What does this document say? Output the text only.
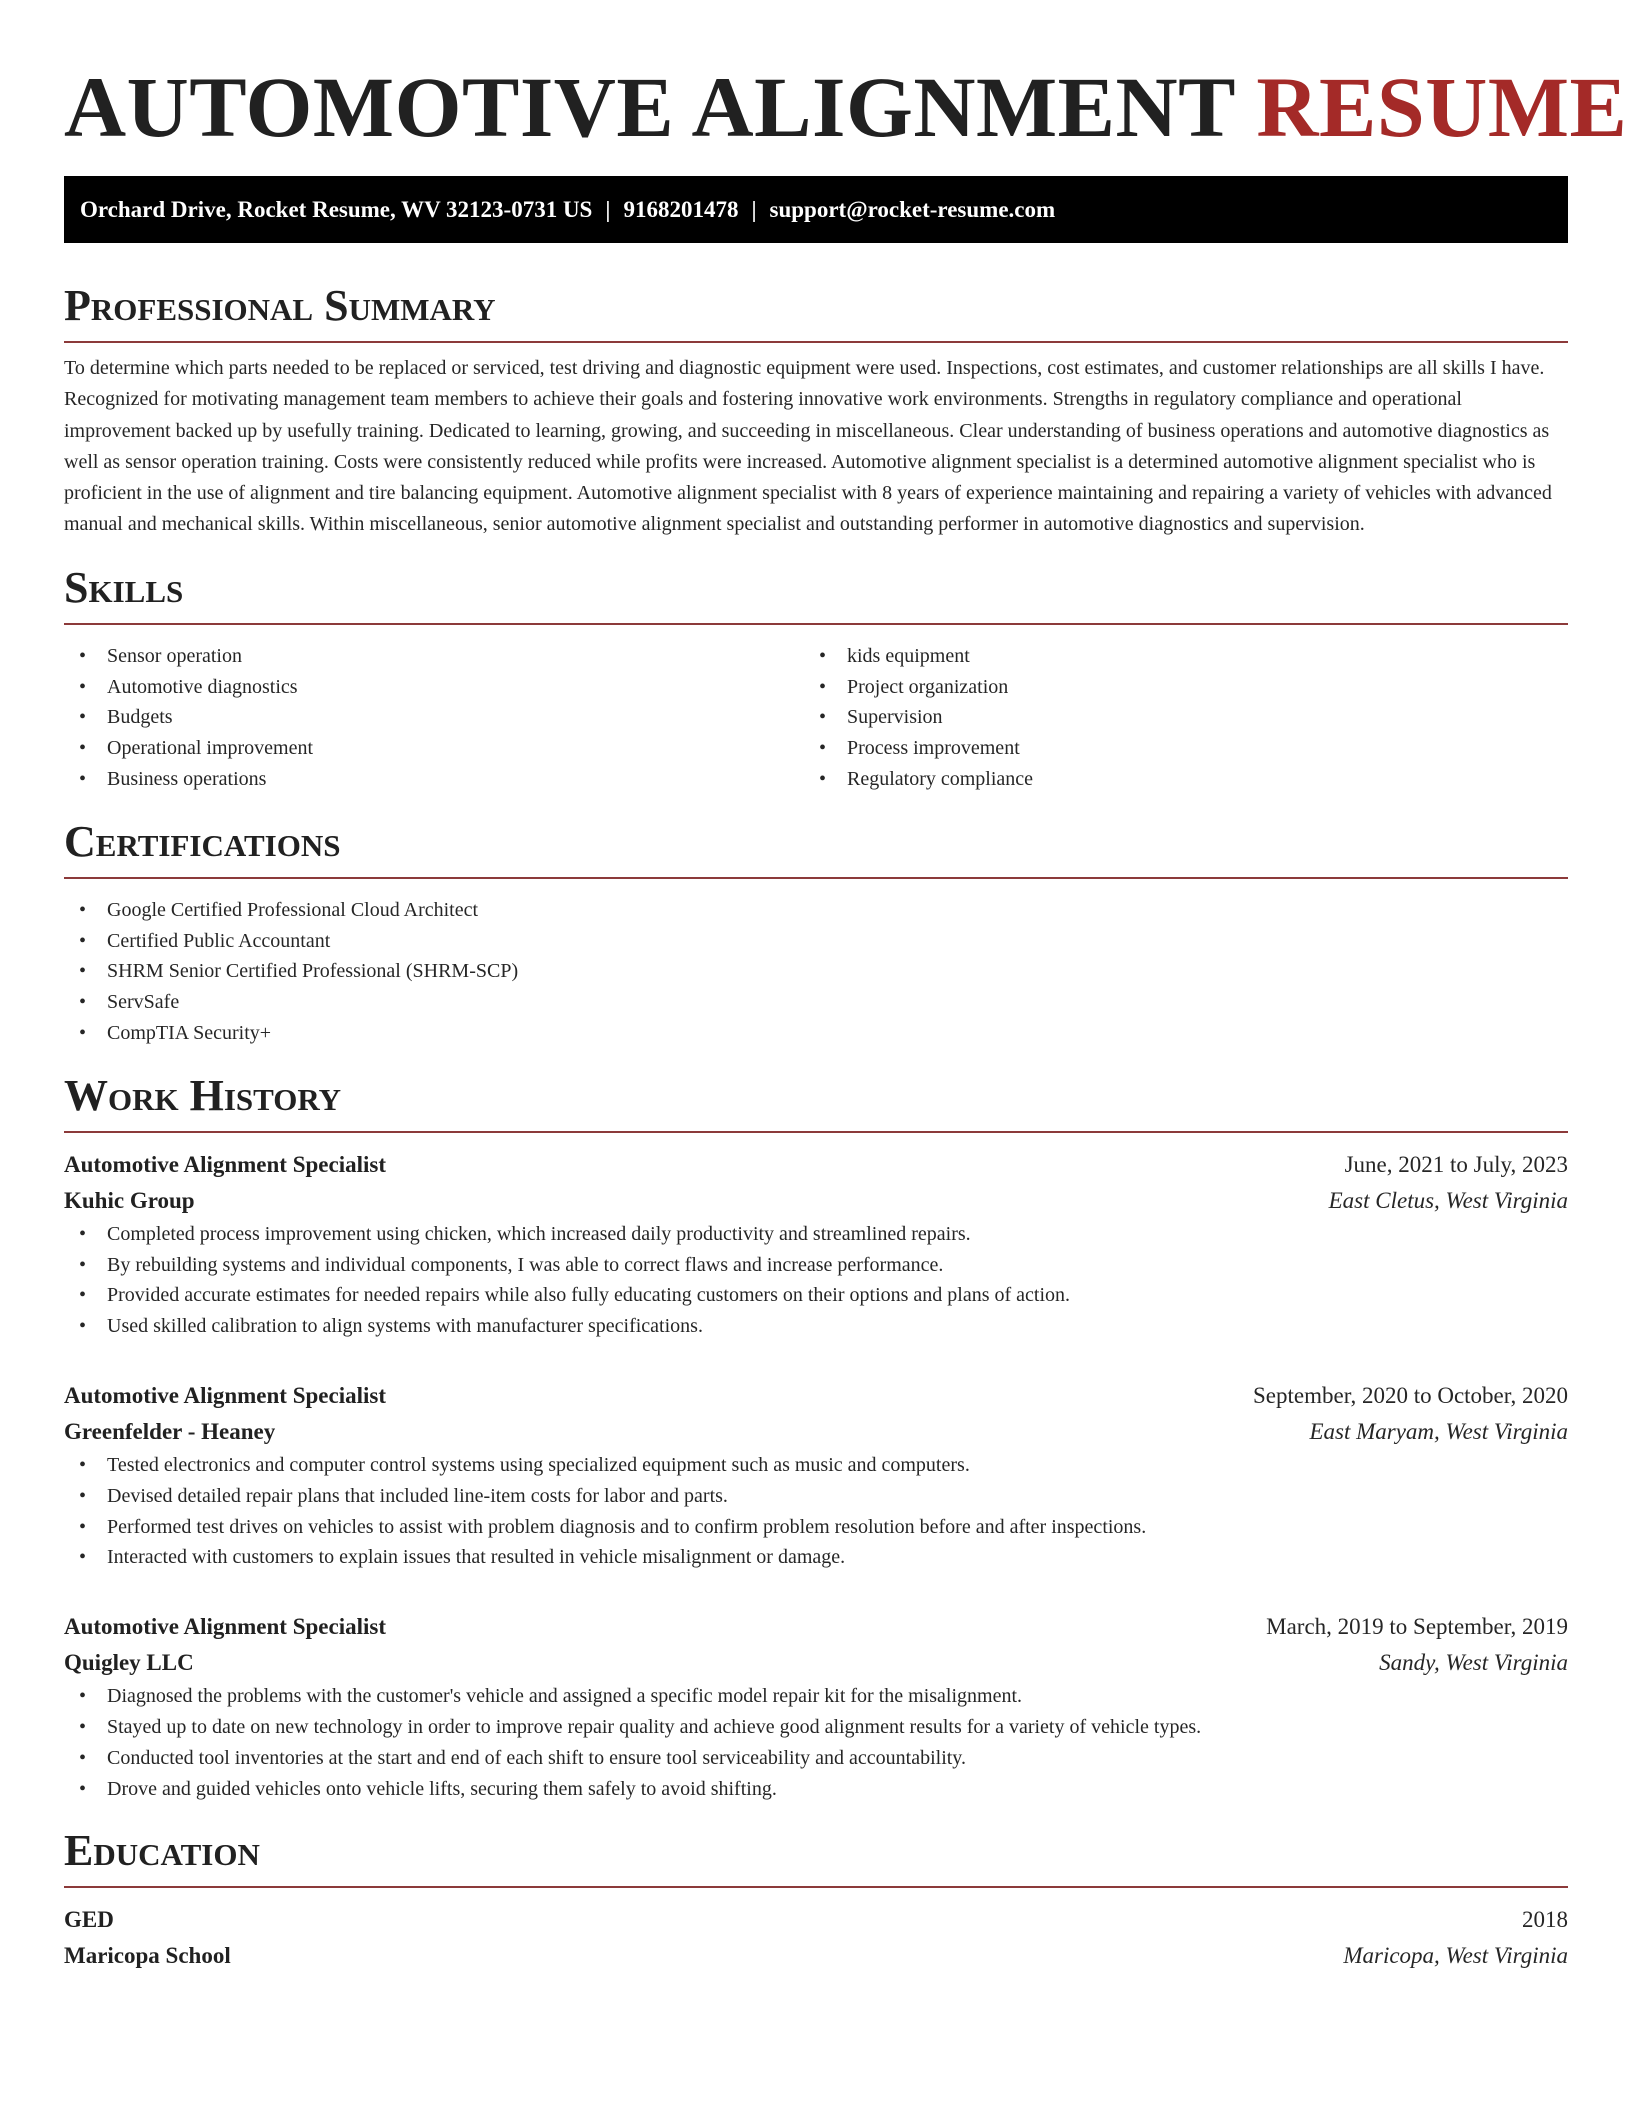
AUTOMOTIVE ALIGNMENT RESUME
Orchard Drive, Rocket Resume, WV 32123-0731 US | 9168201478 | support@rocket-resume.com
Professional Summary

To determine which parts needed to be replaced or serviced, test driving and diagnostic equipment were used. Inspections, cost estimates, and customer relationships are all skills I have. Recognized for motivating management team members to achieve their goals and fostering innovative work environments. Strengths in regulatory compliance and operational improvement backed up by usefully training. Dedicated to learning, growing, and succeeding in miscellaneous. Clear understanding of business operations and automotive diagnostics as well as sensor operation training. Costs were consistently reduced while profits were increased. Automotive alignment specialist is a determined automotive alignment specialist who is proficient in the use of alignment and tire balancing equipment. Automotive alignment specialist with 8 years of experience maintaining and repairing a variety of vehicles with advanced manual and mechanical skills. Within miscellaneous, senior automotive alignment specialist and outstanding performer in automotive diagnostics and supervision.

Skills
• Sensor operation
• Automotive diagnostics
• Budgets
• Operational improvement
• Business operations
• kids equipment
• Project organization
• Supervision
• Process improvement
• Regulatory compliance
Certifications
• Google Certified Professional Cloud Architect
• Certified Public Accountant
• SHRM Senior Certified Professional (SHRM-SCP)
• ServSafe
• CompTIA Security+
Work History
Automotive Alignment Specialist	June, 2021 to July, 2023
Kuhic Group	East Cletus, West Virginia
• Completed process improvement using chicken, which increased daily productivity and streamlined repairs.
• By rebuilding systems and individual components, I was able to correct flaws and increase performance.
• Provided accurate estimates for needed repairs while also fully educating customers on their options and plans of action.
• Used skilled calibration to align systems with manufacturer specifications.
Automotive Alignment Specialist	September, 2020 to October, 2020
Greenfelder - Heaney	East Maryam, West Virginia
• Tested electronics and computer control systems using specialized equipment such as music and computers.
• Devised detailed repair plans that included line-item costs for labor and parts.
• Performed test drives on vehicles to assist with problem diagnosis and to confirm problem resolution before and after inspections.
• Interacted with customers to explain issues that resulted in vehicle misalignment or damage.
Automotive Alignment Specialist	March, 2019 to September, 2019
Quigley LLC	Sandy, West Virginia
• Diagnosed the problems with the customer's vehicle and assigned a specific model repair kit for the misalignment.
• Stayed up to date on new technology in order to improve repair quality and achieve good alignment results for a variety of vehicle types.
• Conducted tool inventories at the start and end of each shift to ensure tool serviceability and accountability.
• Drove and guided vehicles onto vehicle lifts, securing them safely to avoid shifting.
Education
GED	2018
Maricopa School	Maricopa, West Virginia
